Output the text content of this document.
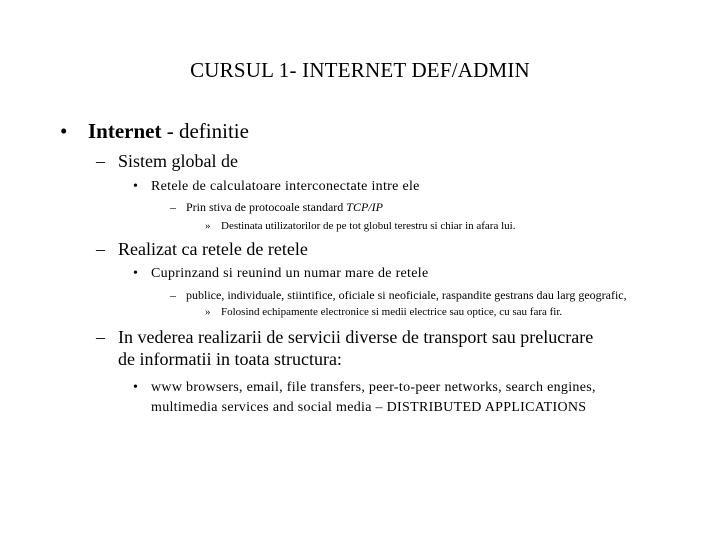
CURSUL 1- INTERNET DEF/ADMIN
• Internet - definitie
– Sistem global de
• Retele de calculatoare interconectate intre ele
– Prin stiva de protocoale standard TCP/IP
» Destinata utilizatorilor de pe tot globul terestru si chiar in afara lui.
– Realizat ca retele de retele
• Cuprinzand si reunind un numar mare de retele
– publice, individuale, stiintifice, oficiale si neoficiale, raspandite gestrans dau larg geografic,
» Folosind echipamente electronice si medii electrice sau optice, cu sau fara fir.
– In vederea realizarii de servicii diverse de transport sau prelucrare
de informatii in toata structura:
• www browsers, email, file transfers, peer-to-peer networks, search engines,
multimedia services and social media – DISTRIBUTED APPLICATIONS
